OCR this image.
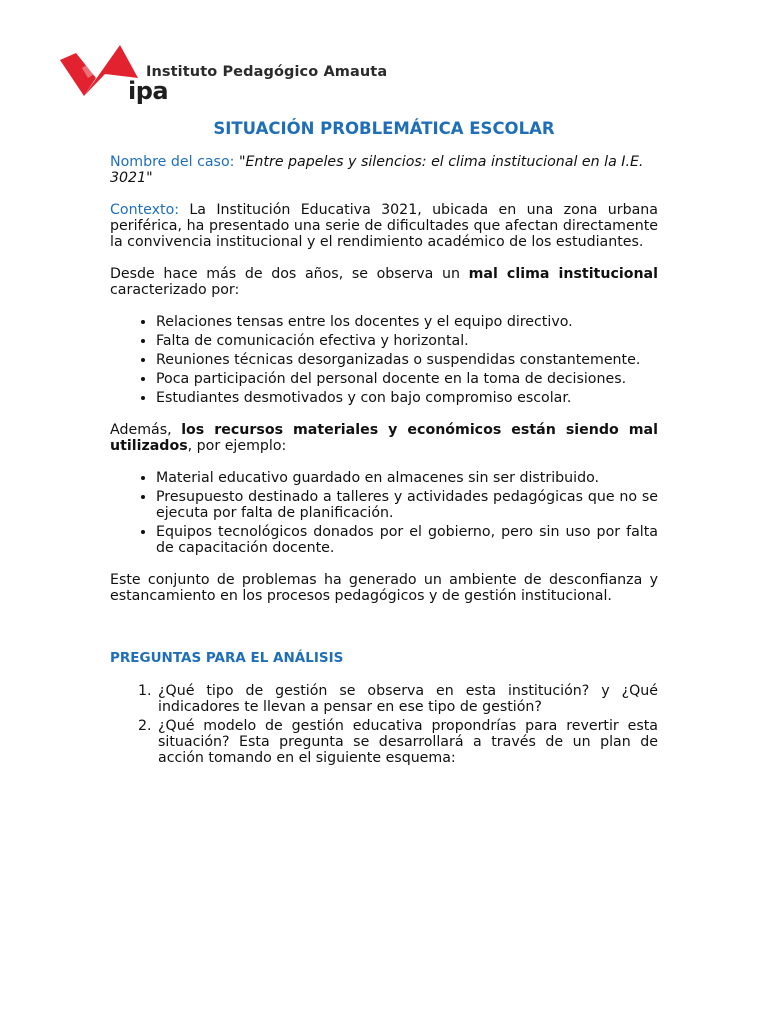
Instituto Pedagógico Amauta
ipa
SITUACIÓN PROBLEMÁTICA ESCOLAR

Nombre del caso: "Entre papeles y silencios: el clima institucional en la I.E. 3021"

Contexto: La Institución Educativa 3021, ubicada en una zona urbana periférica, ha presentado una serie de dificultades que afectan directamente la convivencia institucional y el rendimiento académico de los estudiantes.

Desde hace más de dos años, se observa un mal clima institucional caracterizado por:

• Relaciones tensas entre los docentes y el equipo directivo.
• Falta de comunicación efectiva y horizontal.
• Reuniones técnicas desorganizadas o suspendidas constantemente.
• Poca participación del personal docente en la toma de decisiones.
• Estudiantes desmotivados y con bajo compromiso escolar.

Además, los recursos materiales y económicos están siendo mal utilizados, por ejemplo:

• Material educativo guardado en almacenes sin ser distribuido.
• Presupuesto destinado a talleres y actividades pedagógicas que no se ejecuta por falta de planificación.
• Equipos tecnológicos donados por el gobierno, pero sin uso por falta de capacitación docente.

Este conjunto de problemas ha generado un ambiente de desconfianza y estancamiento en los procesos pedagógicos y de gestión institucional.

PREGUNTAS PARA EL ANÁLISIS
1. ¿Qué tipo de gestión se observa en esta institución? y ¿Qué indicadores te llevan a pensar en ese tipo de gestión?
2. ¿Qué modelo de gestión educativa propondrías para revertir esta situación? Esta pregunta se desarrollará a través de un plan de acción tomando en el siguiente esquema:
